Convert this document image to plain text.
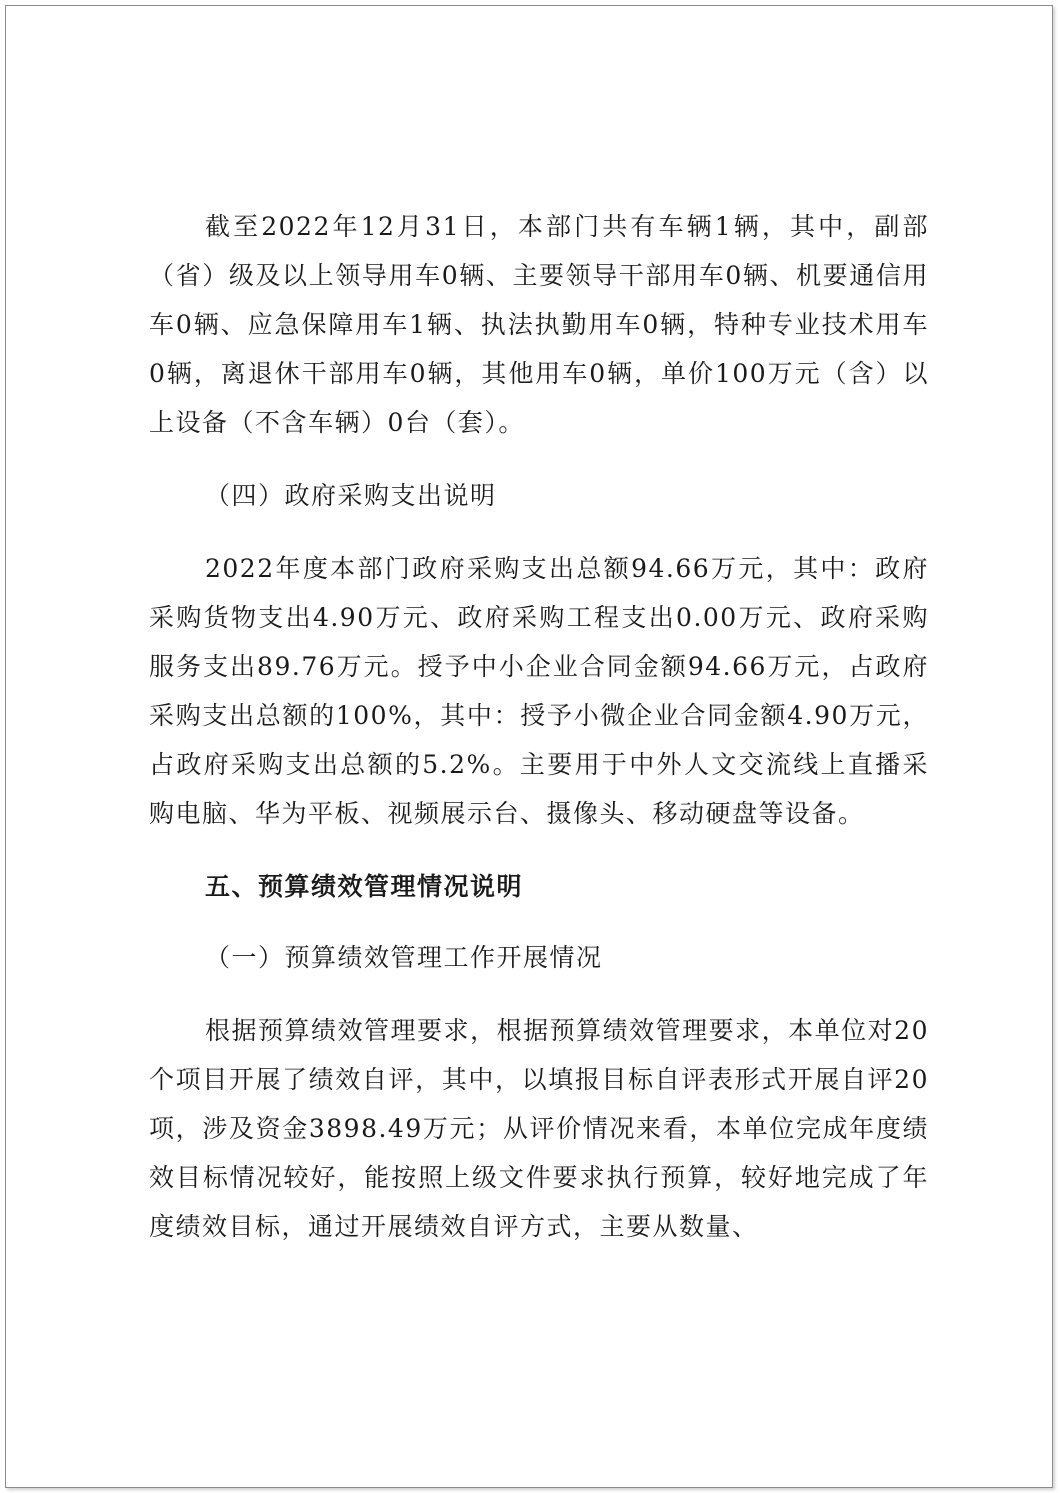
截至2022年12月31日，本部门共有车辆1辆，其中，副部（省）级及以上领导用车0辆、主要领导干部用车0辆、机要通信用车0辆、应急保障用车1辆、执法执勤用车0辆，特种专业技术用车0辆，离退休干部用车0辆，其他用车0辆，单价100万元（含）以上设备（不含车辆）0台（套）。

（四）政府采购支出说明

2022年度本部门政府采购支出总额94.66万元，其中：政府采购货物支出4.90万元、政府采购工程支出0.00万元、政府采购服务支出89.76万元。授予中小企业合同金额94.66万元，占政府采购支出总额的100%，其中：授予小微企业合同金额4.90万元，占政府采购支出总额的5.2%。主要用于中外人文交流线上直播采购电脑、华为平板、视频展示台、摄像头、移动硬盘等设备。

五、预算绩效管理情况说明

（一）预算绩效管理工作开展情况

根据预算绩效管理要求，根据预算绩效管理要求，本单位对20个项目开展了绩效自评，其中，以填报目标自评表形式开展自评20项，涉及资金3898.49万元；从评价情况来看，本单位完成年度绩效目标情况较好，能按照上级文件要求执行预算，较好地完成了年度绩效目标，通过开展绩效自评方式，主要从数量、
